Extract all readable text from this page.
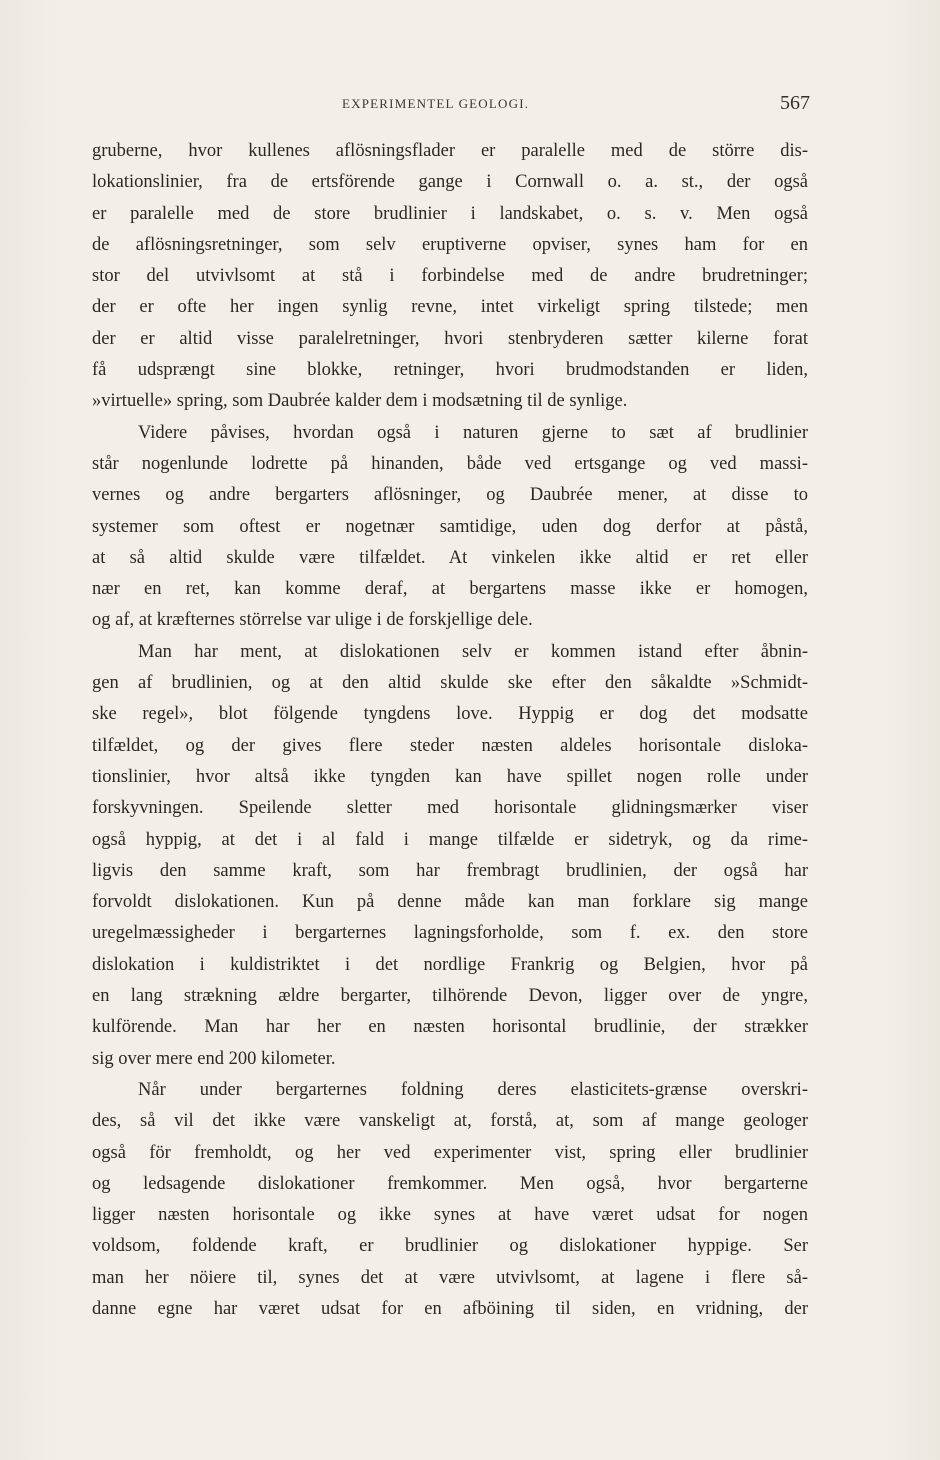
EXPERIMENTEL GEOLOGI.	567
gruberne, hvor kullenes aflösningsflader er paralelle med de större dis-
lokationslinier, fra de ertsförende gange i Cornwall o. a. st., der også
er paralelle med de store brudlinier i landskabet, o. s. v. Men også
de aflösningsretninger, som selv eruptiverne opviser, synes ham for en
stor del utvivlsomt at stå i forbindelse med de andre brudretninger;
der er ofte her ingen synlig revne, intet virkeligt spring tilstede; men
der er altid visse paralelretninger, hvori stenbryderen sætter kilerne forat
få udsprængt sine blokke, retninger, hvori brudmodstanden er liden,
»virtuelle» spring, som Daubrée kalder dem i modsætning til de synlige.
Videre påvises, hvordan også i naturen gjerne to sæt af brudlinier
står nogenlunde lodrette på hinanden, både ved ertsgange og ved massi-
vernes og andre bergarters aflösninger, og Daubrée mener, at disse to
systemer som oftest er nogetnær samtidige, uden dog derfor at påstå,
at så altid skulde være tilfældet. At vinkelen ikke altid er ret eller
nær en ret, kan komme deraf, at bergartens masse ikke er homogen,
og af, at kræfternes störrelse var ulige i de forskjellige dele.
Man har ment, at dislokationen selv er kommen istand efter åbnin-
gen af brudlinien, og at den altid skulde ske efter den såkaldte »Schmidt-
ske regel», blot fölgende tyngdens love. Hyppig er dog det modsatte
tilfældet, og der gives flere steder næsten aldeles horisontale disloka-
tionslinier, hvor altså ikke tyngden kan have spillet nogen rolle under
forskyvningen. Speilende sletter med horisontale glidningsmærker viser
også hyppig, at det i al fald i mange tilfælde er sidetryk, og da rime-
ligvis den samme kraft, som har frembragt brudlinien, der også har
forvoldt dislokationen. Kun på denne måde kan man forklare sig mange
uregelmæssigheder i bergarternes lagningsforholde, som f. ex. den store
dislokation i kuldistriktet i det nordlige Frankrig og Belgien, hvor på
en lang strækning ældre bergarter, tilhörende Devon, ligger over de yngre,
kulförende. Man har her en næsten horisontal brudlinie, der strækker
sig over mere end 200 kilometer.
Når under bergarternes foldning deres elasticitets-grænse overskri-
des, så vil det ikke være vanskeligt at, forstå, at, som af mange geologer
også för fremholdt, og her ved experimenter vist, spring eller brudlinier
og ledsagende dislokationer fremkommer. Men også, hvor bergarterne
ligger næsten horisontale og ikke synes at have været udsat for nogen
voldsom, foldende kraft, er brudlinier og dislokationer hyppige. Ser
man her nöiere til, synes det at være utvivlsomt, at lagene i flere så-
danne egne har været udsat for en afböining til siden, en vridning, der
